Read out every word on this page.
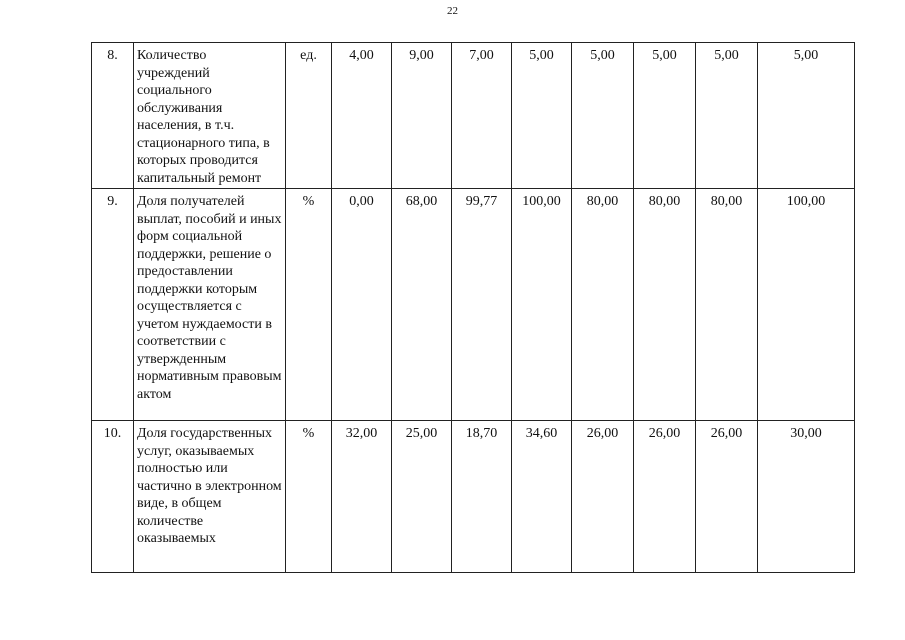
22
8.	Количество учреждений социального обслуживания населения, в т.ч. стационарного типа, в которых проводится капитальный ремонт	ед.	4,00	9,00	7,00	5,00	5,00	5,00	5,00	5,00
9.	Доля получателей выплат, пособий и иных форм социальной поддержки, решение о предоставлении поддержки которым осуществляется с учетом нуждаемости в соответствии с утвержденным нормативным правовым актом	%	0,00	68,00	99,77	100,00	80,00	80,00	80,00	100,00
10.	Доля государственных услуг, оказываемых полностью или частично в электронном виде, в общем количестве оказываемых	%	32,00	25,00	18,70	34,60	26,00	26,00	26,00	30,00
